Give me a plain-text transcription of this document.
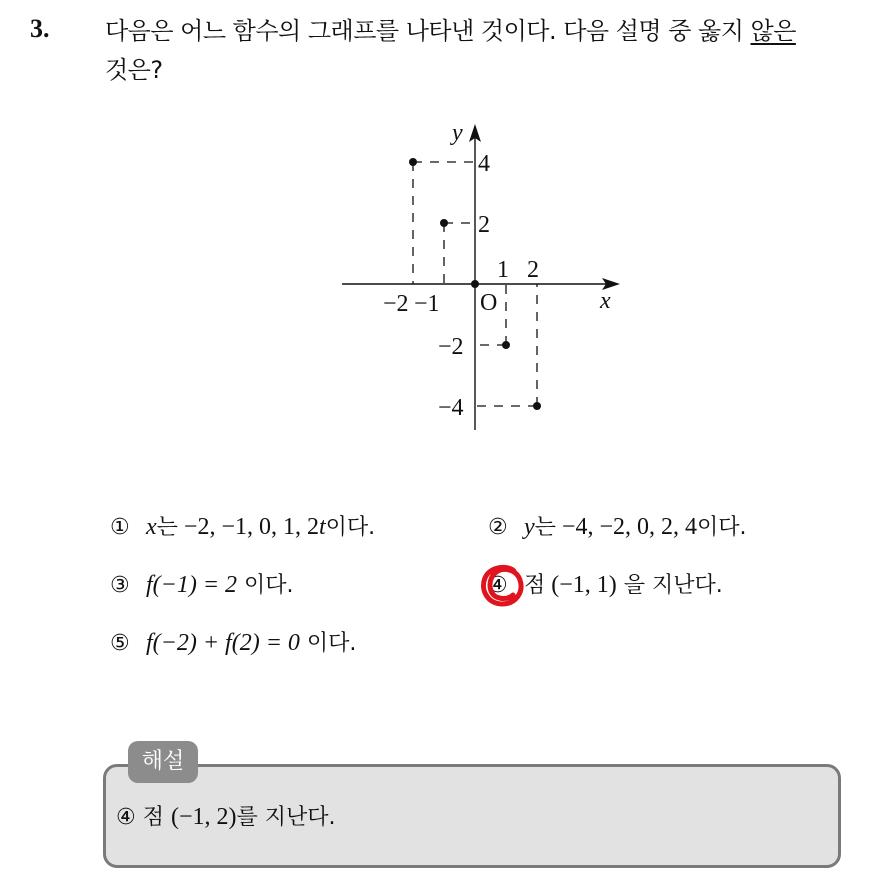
3. 다음은 어느 함수의 그래프를 나타낸 것이다. 다음 설명 중 옳지 않은
것은?
x
y
O
−2 −1
1 2
4
2
−2
−4
① x는 −2, −1, 0, 1, 2t이다.	② y는 −4, −2, 0, 2, 4이다.
③ f(−1) = 2 이다.	④ 점 (−1, 1) 을 지난다.
⑤ f(−2) + f(2) = 0 이다.
해설
④ 점 (−1, 2)를 지난다.
